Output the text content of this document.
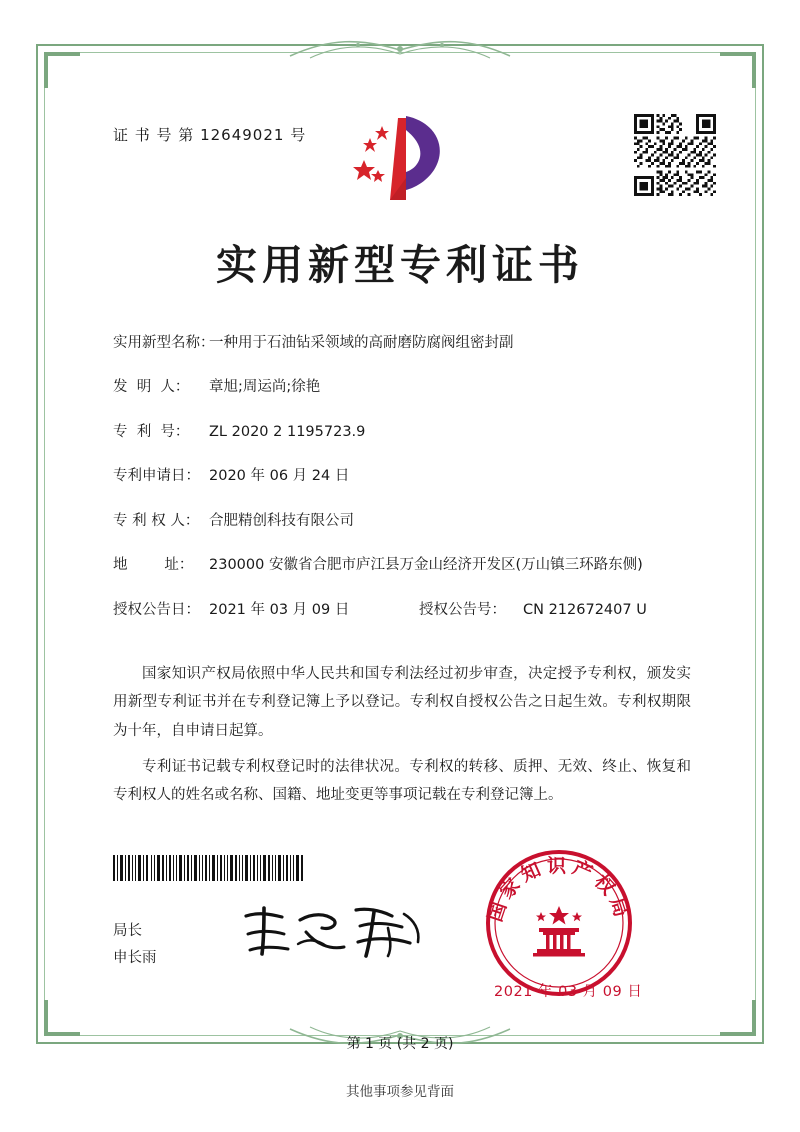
证 书 号 第 12649021 号
实用新型专利证书
实用新型名称：
一种用于石油钻采领域的高耐磨防腐阀组密封副
发  明  人：	章旭;周运尚;徐艳
专  利  号：	ZL 2020 2 1195723.9
专利申请日： 2020 年 06 月 24 日
专 利 权 人： 合肥精创科技有限公司
地        址：	230000 安徽省合肥市庐江县万金山经济开发区(万山镇三环路东侧)
授权公告日： 2021 年 03 月 09 日	授权公告号：	CN 212672407 U

国家知识产权局依照中华人民共和国专利法经过初步审查，决定授予专利权，颁发实用新型专利证书并在专利登记簿上予以登记。专利权自授权公告之日起生效。专利权期限为十年，自申请日起算。

专利证书记载专利权登记时的法律状况。专利权的转移、质押、无效、终止、恢复和专利权人的姓名或名称、国籍、地址变更等事项记载在专利登记簿上。

局长
申长雨
国家知识产权局
2021 年 03 月 09 日
第 1 页 (共 2 页)
其他事项参见背面
